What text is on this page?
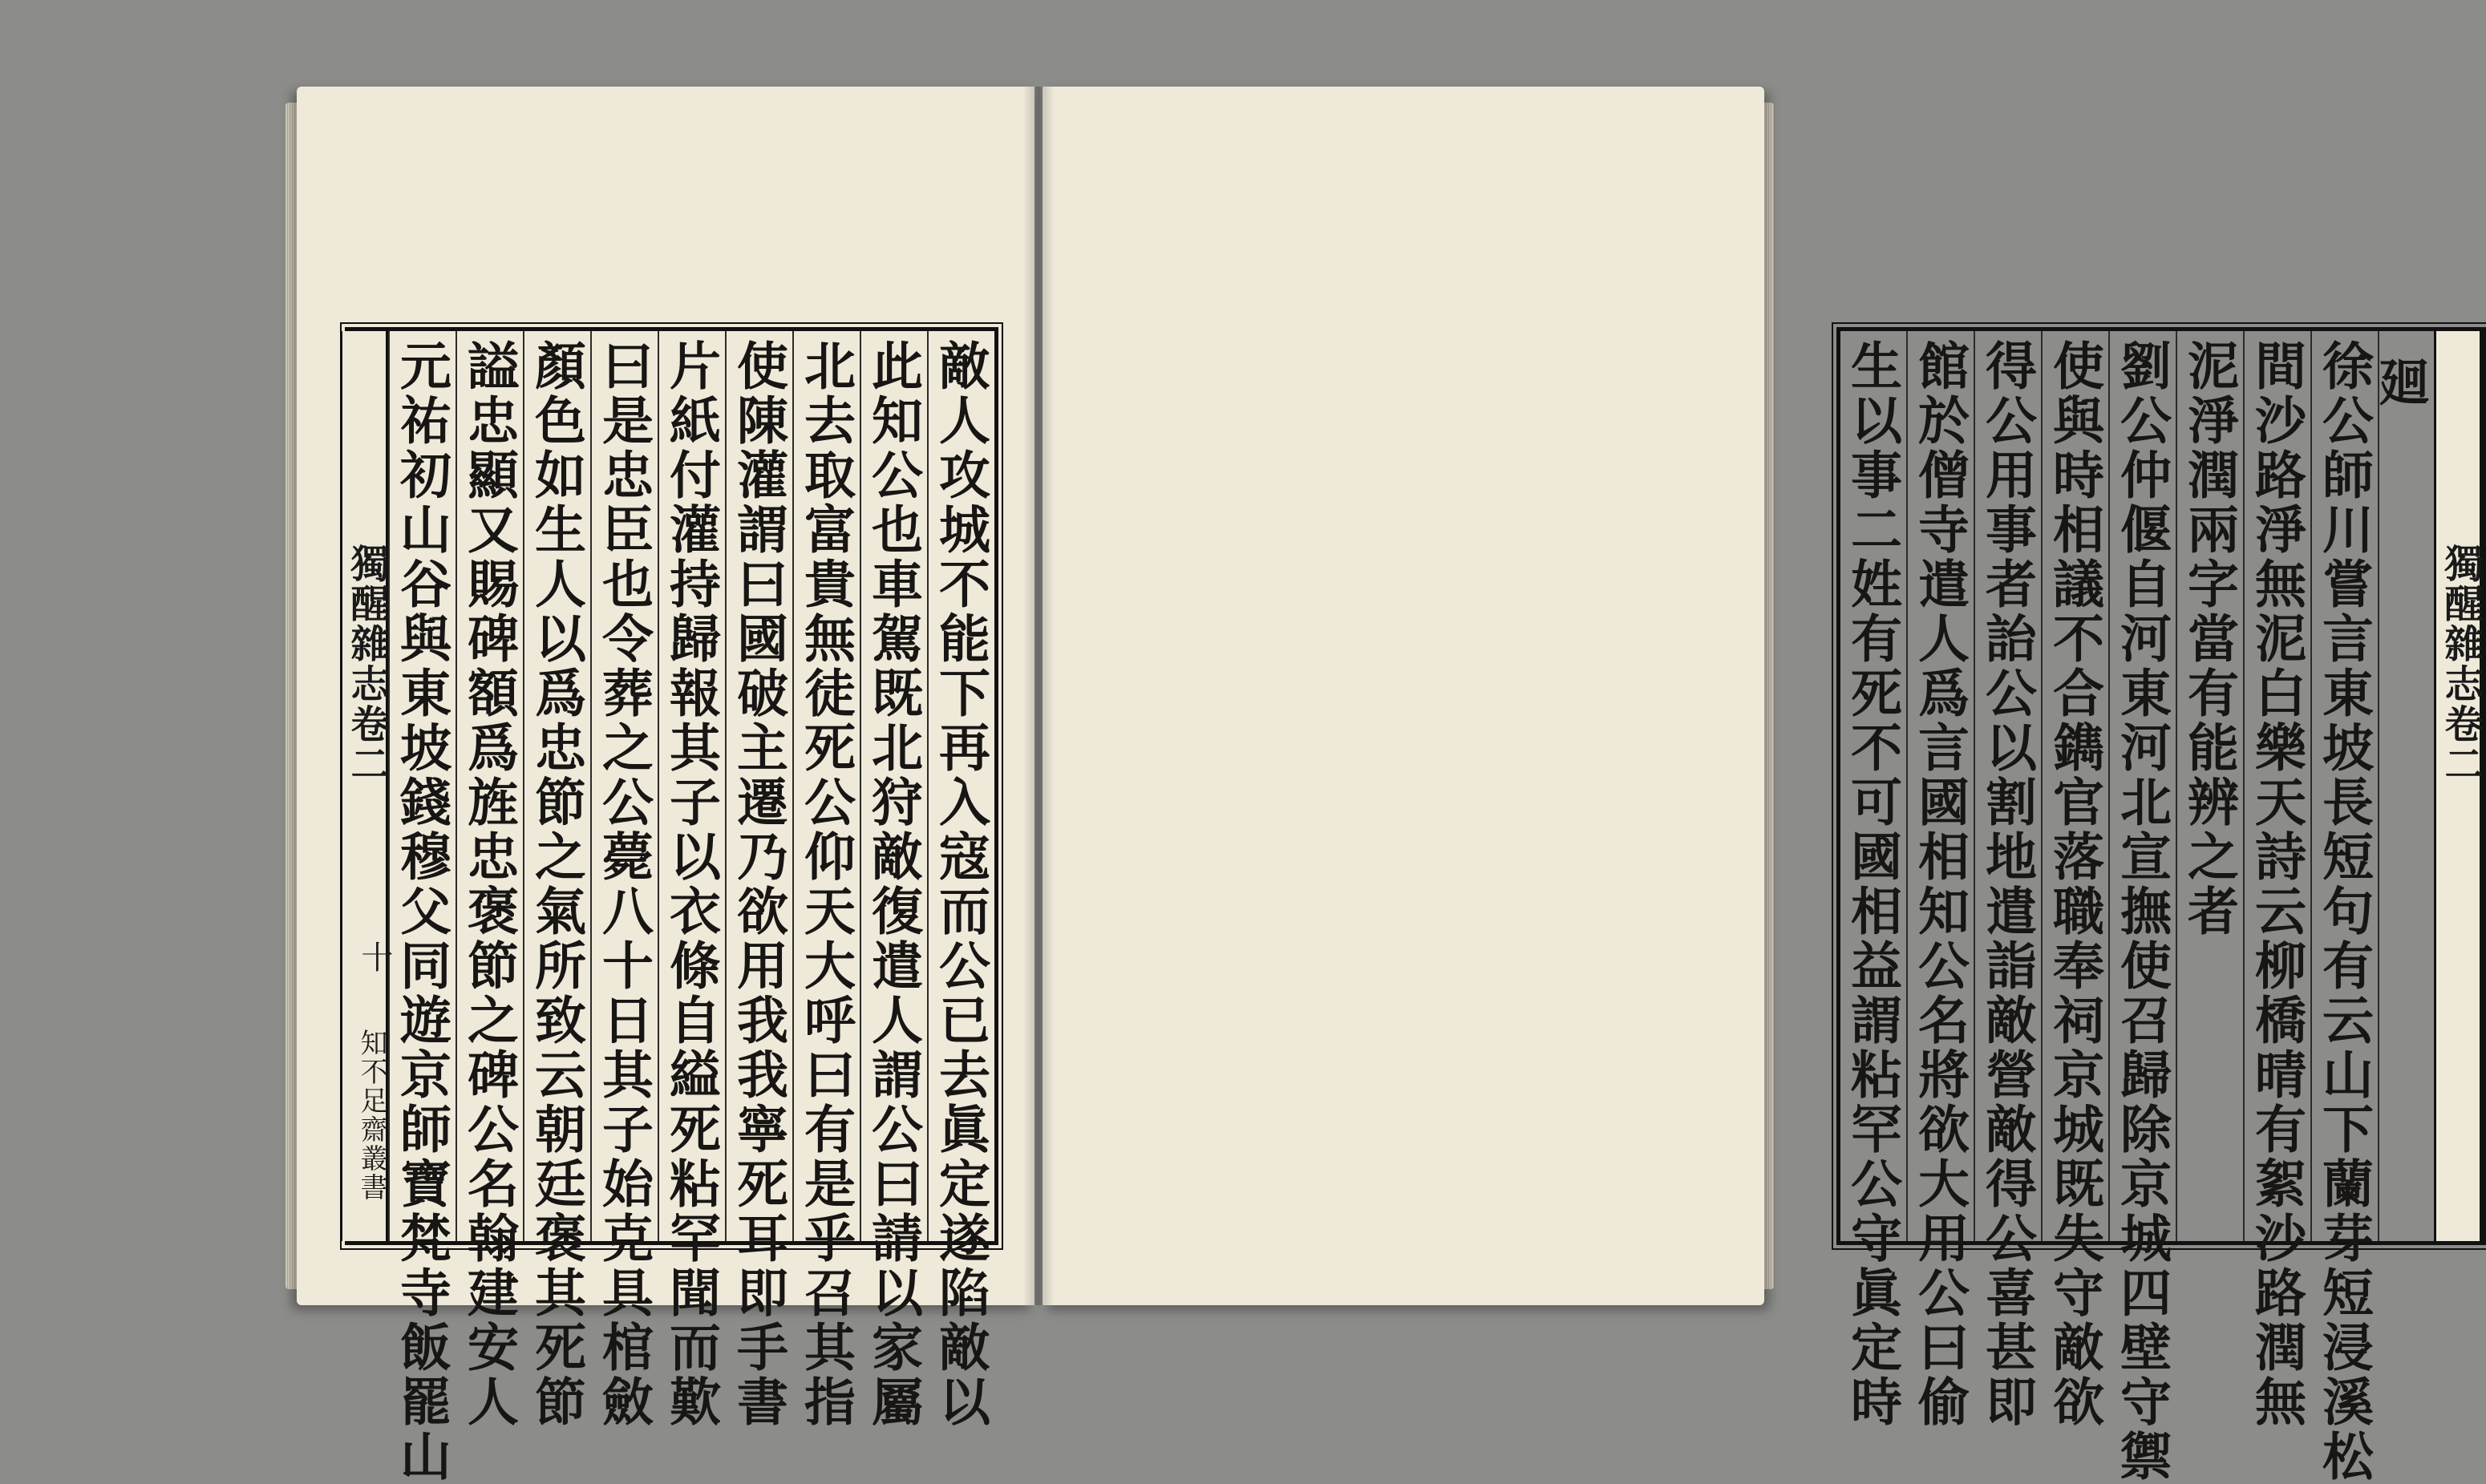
敵人攻城不能下再入寇而公已去眞定遂陷敵以
此知公也車駕既北狩敵復遣人謂公曰請以家屬
北去取富貴無徒死公仰天大呼曰有是乎召其指
使陳灌謂曰國破主遷乃欲用我我寧死耳即手書
片紙付灌持歸報其子以衣條自縊死粘罕聞而歎
曰是忠臣也令葬之公薨八十日其子始克具棺斂
顏色如生人以爲忠節之氣所致云朝廷褒其死節
謚忠顯又賜碑額爲旌忠褒節之碑公名翰建安人
元祐初山谷與東坡錢穆父同遊京師寶梵寺飯罷山
獨醒雜志卷二
十
知不足齋叢書
獨醒雜志卷二
廻
徐公師川嘗言東坡長短句有云山下蘭芽短浸溪松
間沙路淨無泥白樂天詩云柳橋晴有絮沙路潤無
泥淨潤兩字當有能辨之者
劉公仲偃自河東河北宣撫使召歸除京城四壁守禦
使與時相議不合鐫官落職奉祠京城既失守敵欲
得公用事者詒公以割地遣詣敵營敵得公喜甚即
館於僧寺遣人爲言國相知公名將欲大用公曰偷
生以事二姓有死不可國相益謂粘罕公守眞定時
